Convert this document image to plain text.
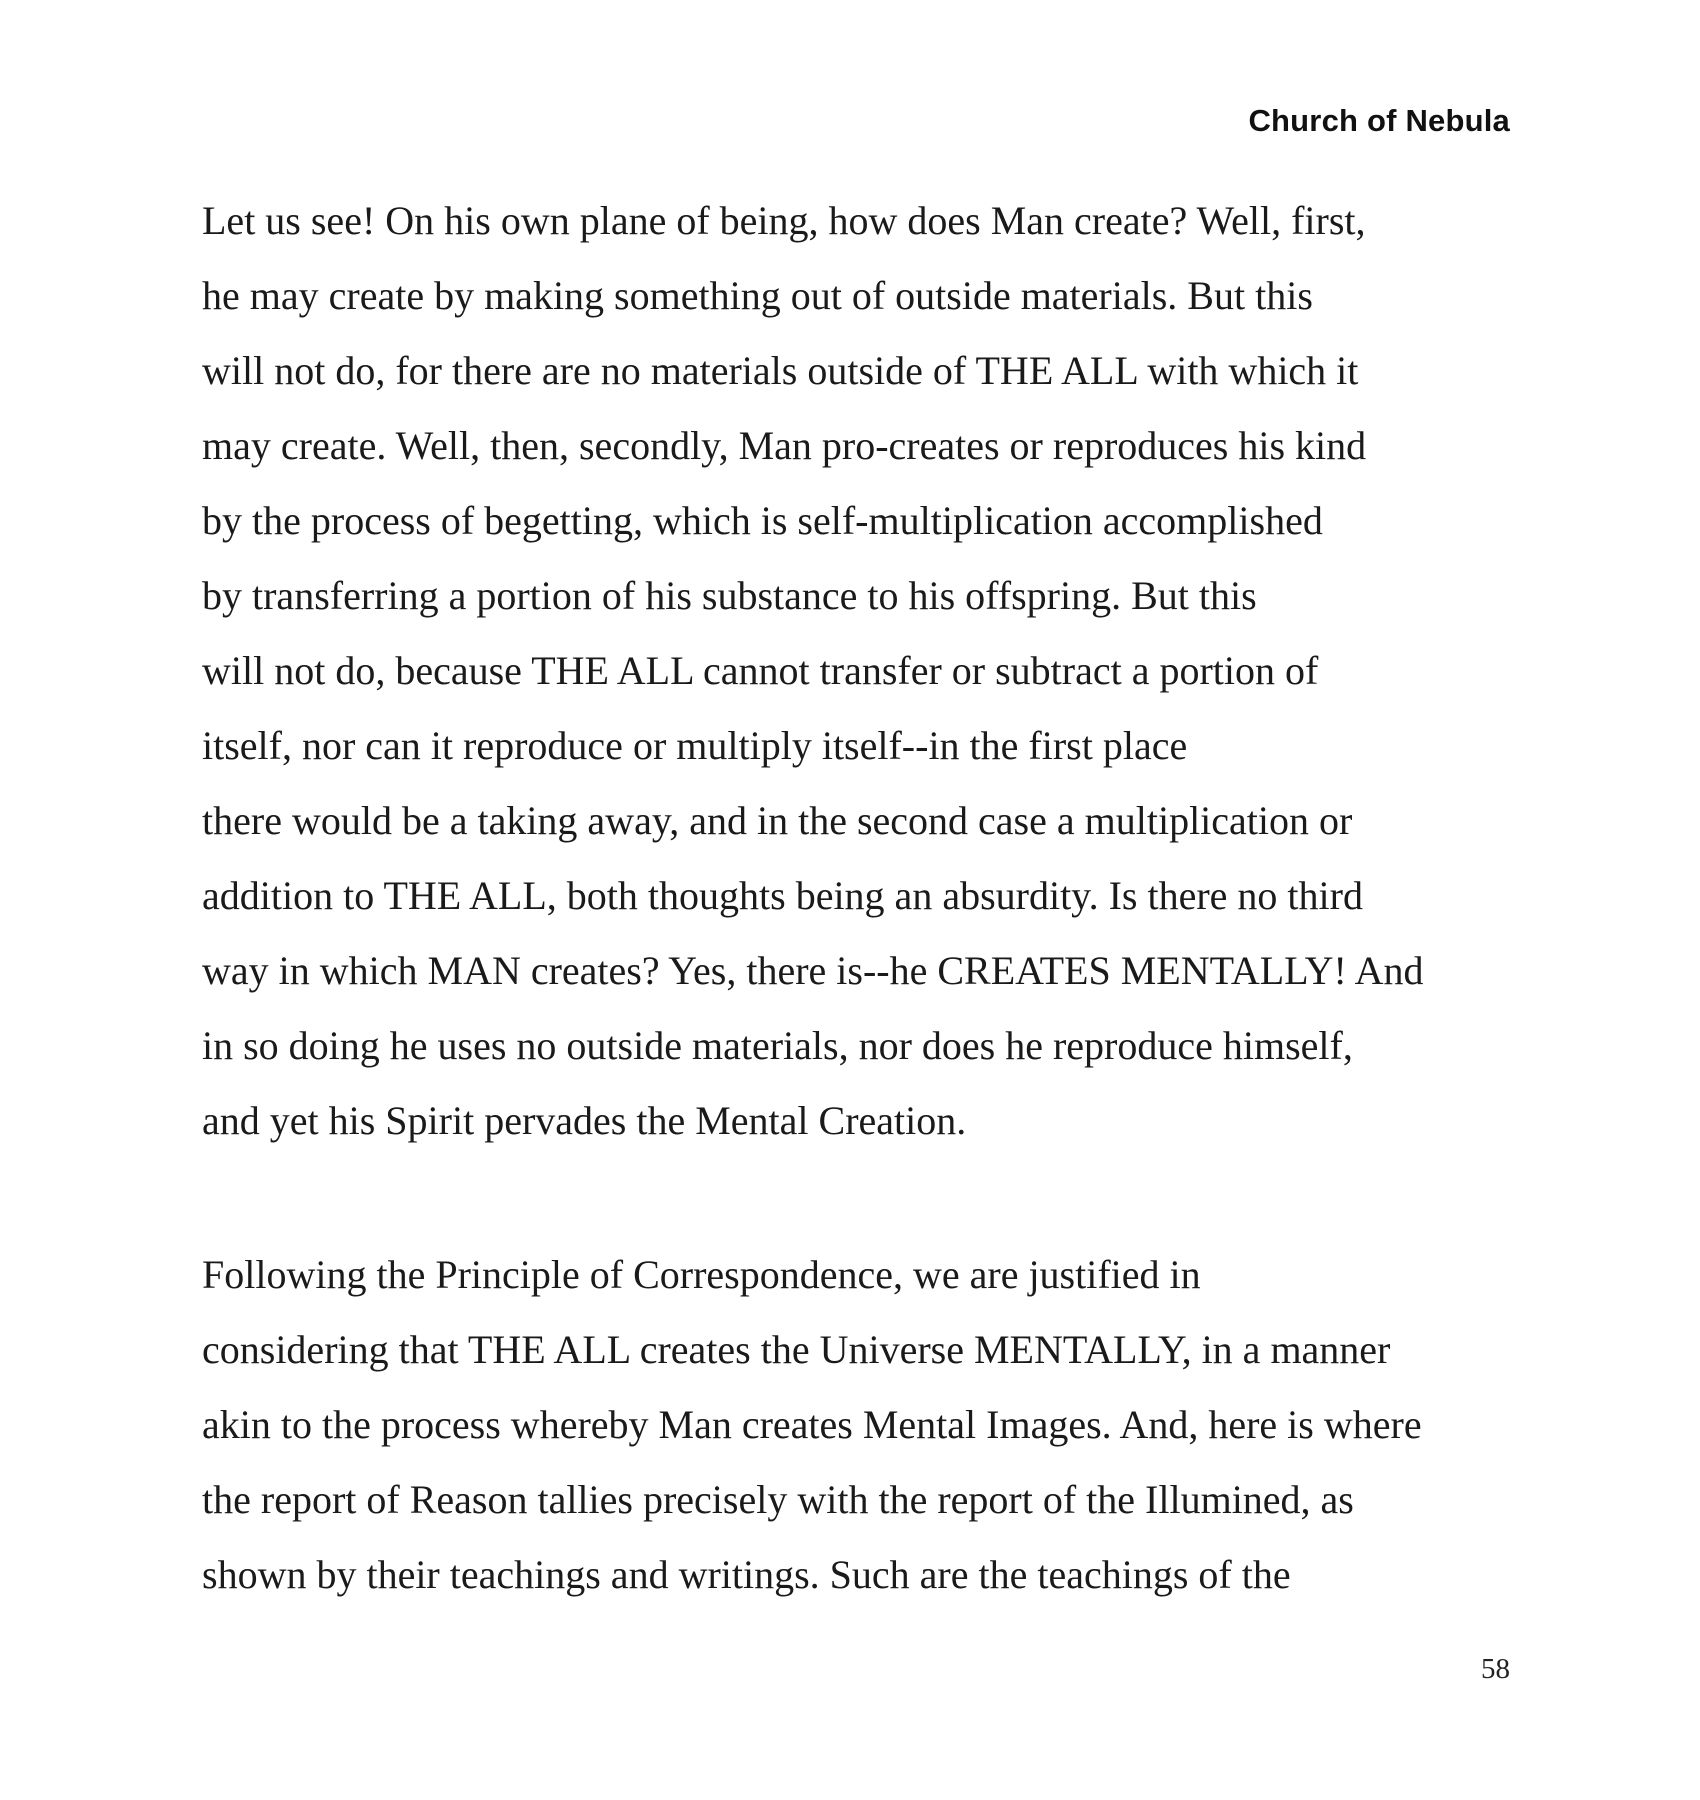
Church of Nebula
Let us see! On his own plane of being, how does Man create? Well, first,
he may create by making something out of outside materials. But this
will not do, for there are no materials outside of THE ALL with which it
may create. Well, then, secondly, Man pro-creates or reproduces his kind
by the process of begetting, which is self-multiplication accomplished
by transferring a portion of his substance to his offspring. But this
will not do, because THE ALL cannot transfer or subtract a portion of
itself, nor can it reproduce or multiply itself--in the first place
there would be a taking away, and in the second case a multiplication or
addition to THE ALL, both thoughts being an absurdity. Is there no third
way in which MAN creates? Yes, there is--he CREATES MENTALLY! And
in so doing he uses no outside materials, nor does he reproduce himself,
and yet his Spirit pervades the Mental Creation.
Following the Principle of Correspondence, we are justified in
considering that THE ALL creates the Universe MENTALLY, in a manner
akin to the process whereby Man creates Mental Images. And, here is where
the report of Reason tallies precisely with the report of the Illumined, as
shown by their teachings and writings. Such are the teachings of the
58
